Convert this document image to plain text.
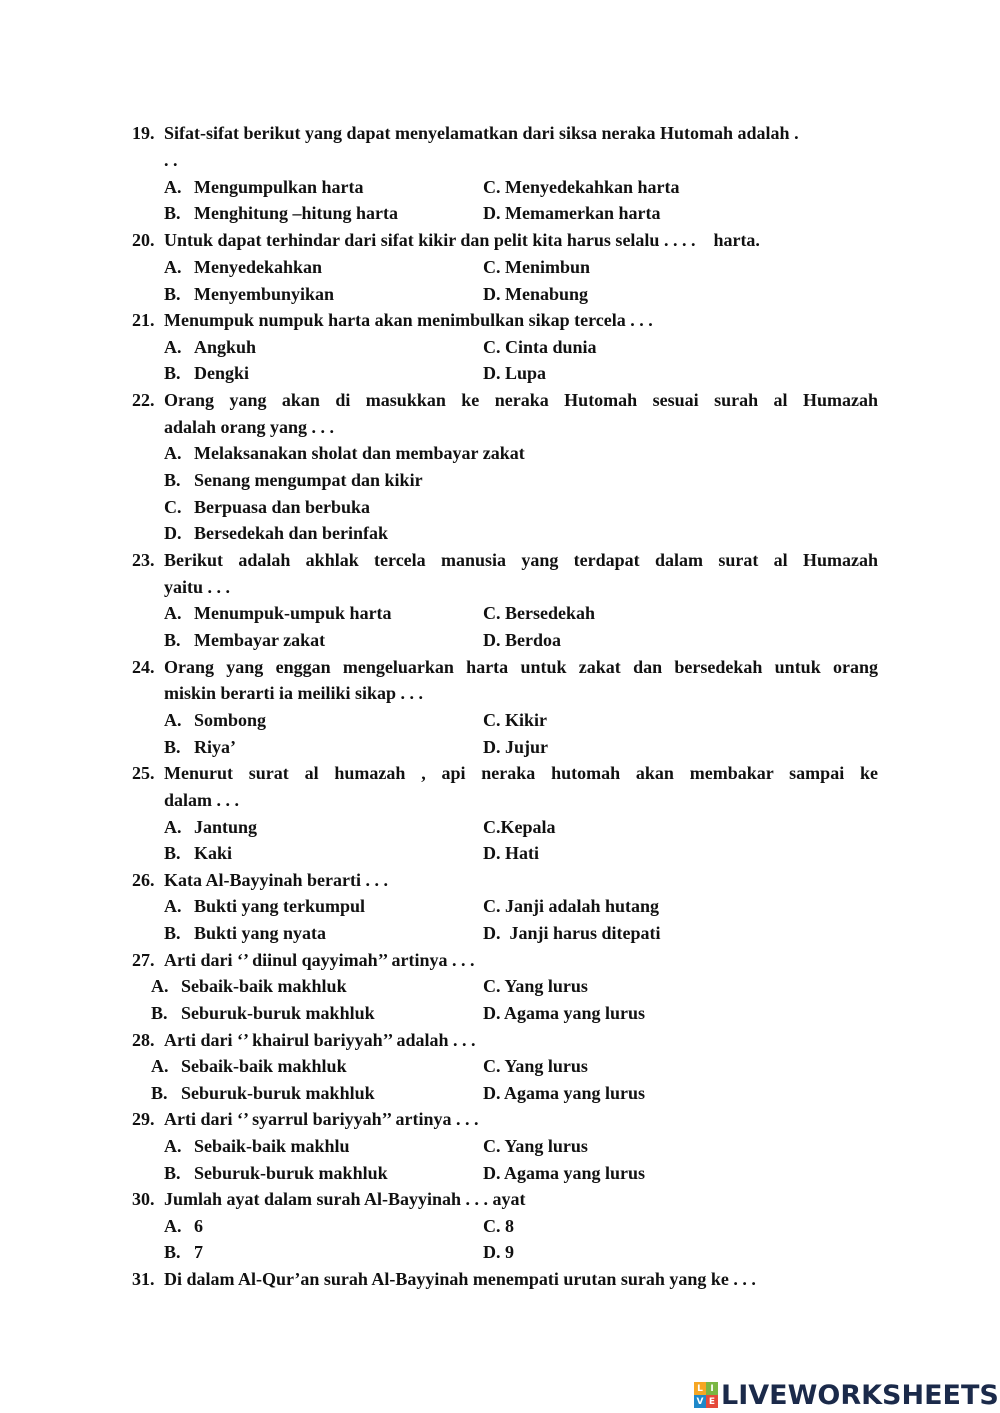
19. Sifat-sifat berikut yang dapat menyelamatkan dari siksa neraka Hutomah adalah .
. .
A. Mengumpulkan harta	C. Menyedekahkan harta
B. Menghitung –hitung harta	D. Memamerkan harta
20. Untuk dapat terhindar dari sifat kikir dan pelit kita harus selalu . . . .    harta.
A. Menyedekahkan	C. Menimbun
B. Menyembunyikan	D. Menabung
21. Menumpuk numpuk harta akan menimbulkan sikap tercela . . .
A. Angkuh	C. Cinta dunia
B. Dengki	D. Lupa
22. Orang yang akan di masukkan ke neraka Hutomah sesuai surah al Humazah
adalah orang yang . . .
A. Melaksanakan sholat dan membayar zakat
B. Senang mengumpat dan kikir
C. Berpuasa dan berbuka
D. Bersedekah dan berinfak
23. Berikut adalah akhlak tercela manusia yang terdapat dalam surat al Humazah
yaitu . . .
A. Menumpuk-umpuk harta	C. Bersedekah
B. Membayar zakat	D. Berdoa
24. Orang yang enggan mengeluarkan harta untuk zakat dan bersedekah untuk orang
miskin berarti ia meiliki sikap . . .
A. Sombong	C. Kikir
B. Riya’	D. Jujur
25. Menurut surat al humazah , api neraka hutomah akan membakar sampai ke
dalam . . .
A. Jantung	C.Kepala
B. Kaki	D. Hati
26. Kata Al-Bayyinah berarti . . .
A. Bukti yang terkumpul	C. Janji adalah hutang
B. Bukti yang nyata	D.  Janji harus ditepati
27. Arti dari ‘’ diinul qayyimah’’ artinya . . .
A. Sebaik-baik makhluk	C. Yang lurus
B. Seburuk-buruk makhluk	D. Agama yang lurus
28. Arti dari ‘’ khairul bariyyah’’ adalah . . .
A. Sebaik-baik makhluk	C. Yang lurus
B. Seburuk-buruk makhluk	D. Agama yang lurus
29. Arti dari ‘’ syarrul bariyyah’’ artinya . . .
A. Sebaik-baik makhlu	C. Yang lurus
B. Seburuk-buruk makhluk	D. Agama yang lurus
30. Jumlah ayat dalam surah Al-Bayyinah . . . ayat
A. 6	C. 8
B. 7	D. 9
31. Di dalam Al-Qur’an surah Al-Bayyinah menempati urutan surah yang ke . . .
L I
V E LIVEWORKSHEETS
